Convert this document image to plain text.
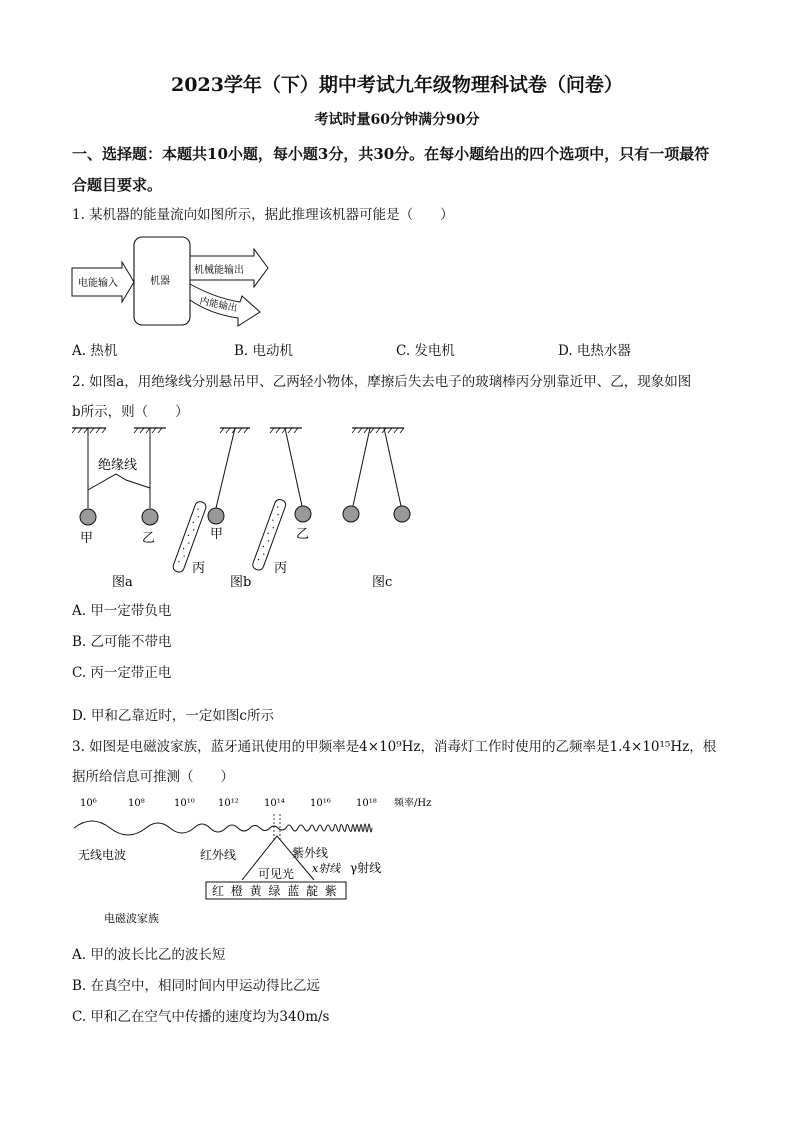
2023学年（下）期中考试九年级物理科试卷（问卷）
考试时量60分钟满分90分
一、选择题：本题共10小题，每小题3分，共30分。在每小题给出的四个选项中，只有一项最符合题目要求。
1. 某机器的能量流向如图所示，据此推理该机器可能是（　　）
电能输入	机器
机械能输出
内能输出
A. 热机	B. 电动机	C. 发电机	D. 电热水器
2. 如图a，用绝缘线分别悬吊甲、乙两轻小物体，摩擦后失去电子的玻璃棒丙分别靠近甲、乙，现象如图
b所示，则（　　）
绝缘线
甲	乙
图a
甲
丙
乙
丙
图b	图c
A. 甲一定带负电
B. 乙可能不带电
C. 丙一定带正电
D. 甲和乙靠近时，一定如图c所示
3. 如图是电磁波家族，蓝牙通讯使用的甲频率是4×10⁹Hz，消毒灯工作时使用的乙频率是1.4×10¹⁵Hz，根
据所给信息可推测（　　）
10⁶	10⁸	10¹⁰ 10¹²	10¹⁴	10¹⁶	10¹⁸ 频率/Hz
无线电波	红外线	紫外线
x射线 γ射线
可见光
红 橙 黄 绿 蓝 靛 紫
电磁波家族
A. 甲的波长比乙的波长短
B. 在真空中，相同时间内甲运动得比乙远
C. 甲和乙在空气中传播的速度均为340m/s
